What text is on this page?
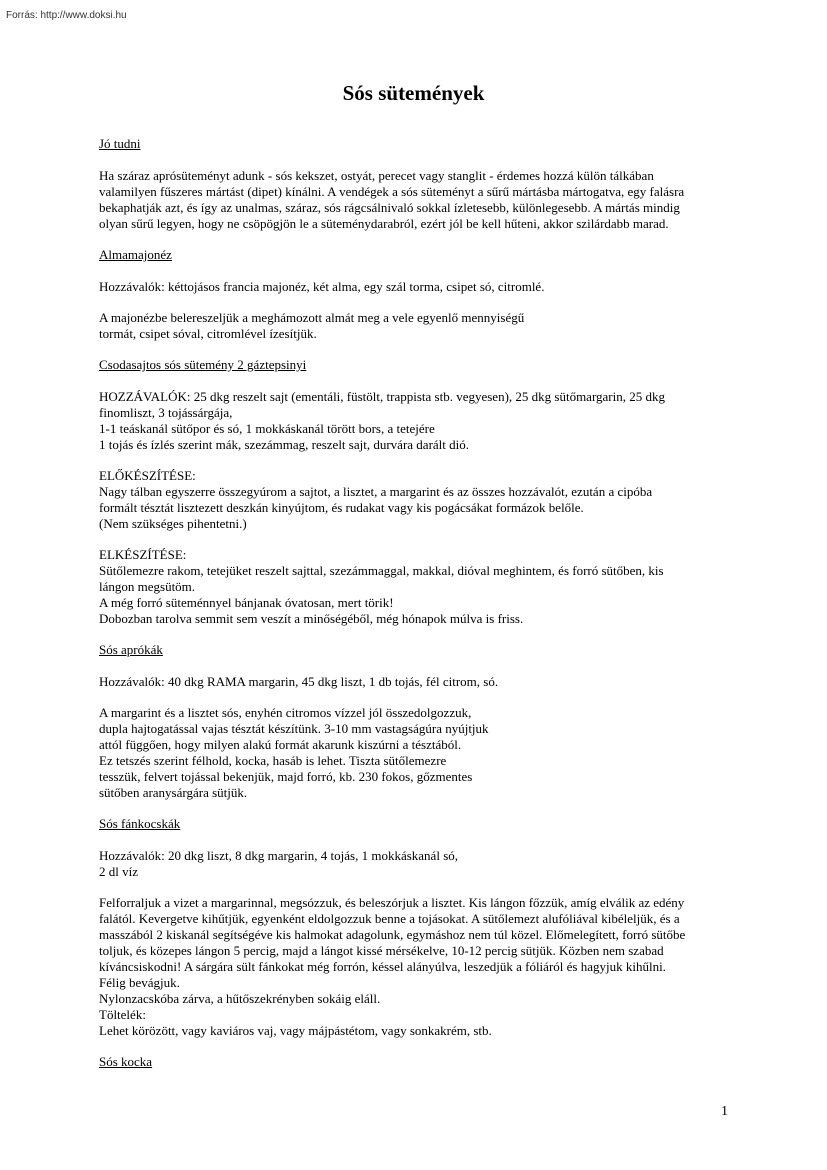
Forrás: http://www.doksi.hu
Sós sütemények

Jó tudni

Ha száraz aprósüteményt adunk - sós kekszet, ostyát, perecet vagy stanglit - érdemes hozzá külön tálkában

valamilyen fűszeres mártást (dipet) kínálni. A vendégek a sós süteményt a sűrű mártásba mártogatva, egy falásra

bekaphatják azt, és így az unalmas, száraz, sós rágcsálnivaló sokkal ízletesebb, különlegesebb. A mártás mindig

olyan sűrű legyen, hogy ne csöpögjön le a süteménydarabról, ezért jól be kell hűteni, akkor szilárdabb marad.

Almamajonéz

Hozzávalók: kéttojásos francia majonéz, két alma, egy szál torma, csipet só, citromlé.

A majonézbe belereszeljük a meghámozott almát meg a vele egyenlő mennyiségű

tormát, csipet sóval, citromlével ízesítjük.

Csodasajtos sós sütemény 2 gáztepsinyi

HOZZÁVALÓK: 25 dkg reszelt sajt (ementáli, füstölt, trappista stb. vegyesen), 25 dkg sütőmargarin, 25 dkg

finomliszt, 3 tojássárgája,

1-1 teáskanál sütőpor és só, 1 mokkáskanál törött bors, a tetejére

1 tojás és ízlés szerint mák, szezámmag, reszelt sajt, durvára darált dió.

ELŐKÉSZÍTÉSE:

Nagy tálban egyszerre összegyúrom a sajtot, a lisztet, a margarint és az összes hozzávalót, ezután a cipóba

formált tésztát lisztezett deszkán kinyújtom, és rudakat vagy kis pogácsákat formázok belőle.

(Nem szükséges pihentetni.)

ELKÉSZÍTÉSE:

Sütőlemezre rakom, tetejüket reszelt sajttal, szezámmaggal, makkal, dióval meghintem, és forró sütőben, kis

lángon megsütöm.

A még forró süteménnyel bánjanak óvatosan, mert törik!

Dobozban tarolva semmit sem veszít a minőségéből, még hónapok múlva is friss.

Sós aprókák

Hozzávalók: 40 dkg RAMA margarin, 45 dkg liszt, 1 db tojás, fél citrom, só.

A margarint és a lisztet sós, enyhén citromos vízzel jól összedolgozzuk,

dupla hajtogatással vajas tésztát készítünk. 3-10 mm vastagságúra nyújtjuk

attól függően, hogy milyen alakú formát akarunk kiszúrni a tésztából.

Ez tetszés szerint félhold, kocka, hasáb is lehet. Tiszta sütőlemezre

tesszük, felvert tojással bekenjük, majd forró, kb. 230 fokos, gőzmentes

sütőben aranysárgára sütjük.

Sós fánkocskák

Hozzávalók: 20 dkg liszt, 8 dkg margarin, 4 tojás, 1 mokkáskanál só,

2 dl víz

Felforraljuk a vizet a margarinnal, megsózzuk, és beleszórjuk a lisztet. Kis lángon főzzük, amíg elválik az edény

falától. Kevergetve kihűtjük, egyenként eldolgozzuk benne a tojásokat. A sütőlemezt alufóliával kibéleljük, és a

masszából 2 kiskanál segítségéve kis halmokat adagolunk, egymáshoz nem túl közel. Előmelegített, forró sütőbe

toljuk, és közepes lángon 5 percig, majd a lángot kissé mérsékelve, 10-12 percig sütjük. Közben nem szabad

kíváncsiskodni! A sárgára sült fánkokat még forrón, késsel alányúlva, leszedjük a fóliáról és hagyjuk kihűlni.

Félig bevágjuk.

Nylonzacskóba zárva, a hűtőszekrényben sokáig eláll.

Töltelék:

Lehet körözött, vagy kaviáros vaj, vagy májpástétom, vagy sonkakrém, stb.

Sós kocka

1
